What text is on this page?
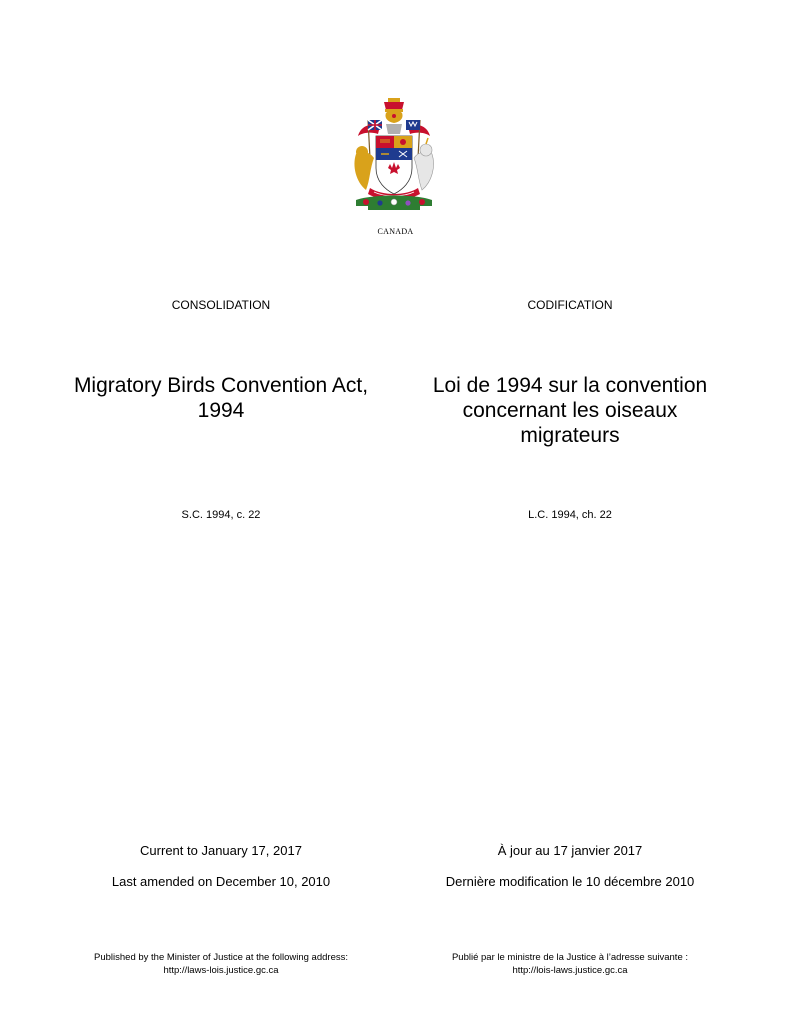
CANADA
CONSOLIDATION
Migratory Birds Convention Act,
1994
S.C. 1994, c. 22
Current to January 17, 2017
Last amended on December 10, 2010
Published by the Minister of Justice at the following address:
http://laws-lois.justice.gc.ca
CODIFICATION
Loi de 1994 sur la convention
concernant les oiseaux
migrateurs
L.C. 1994, ch. 22
À jour au 17 janvier 2017
Dernière modification le 10 décembre 2010
Publié par le ministre de la Justice à l’adresse suivante :
http://lois-laws.justice.gc.ca
